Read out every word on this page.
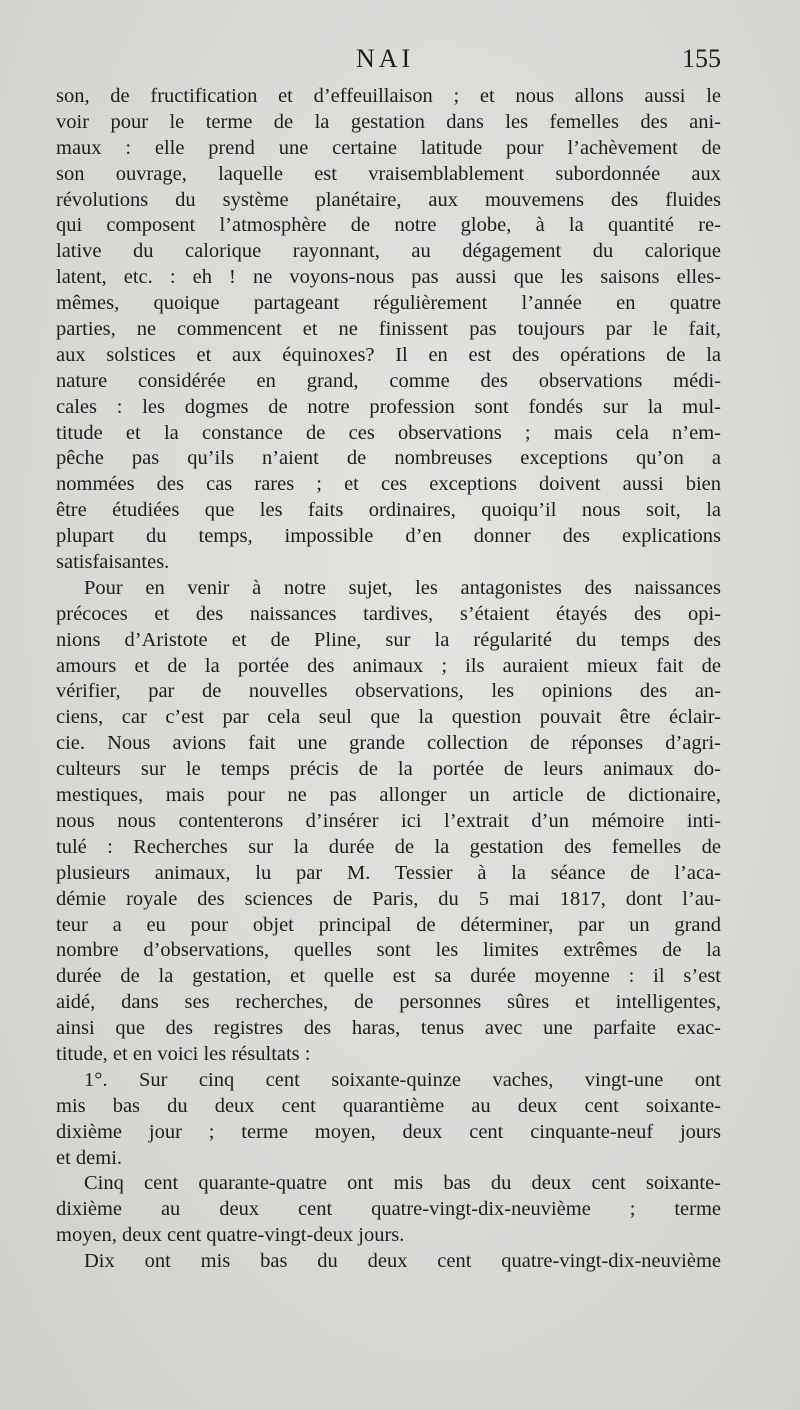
NAI	155
son, de fructification et d’effeuillaison ; et nous allons aussi le
voir pour le terme de la gestation dans les femelles des ani-
maux : elle prend une certaine latitude pour l’achèvement de
son ouvrage, laquelle est vraisemblablement subordonnée aux
révolutions du système planétaire, aux mouvemens des fluides
qui composent l’atmosphère de notre globe, à la quantité re-
lative du calorique rayonnant, au dégagement du calorique
latent, etc. : eh ! ne voyons-nous pas aussi que les saisons elles-
mêmes, quoique partageant régulièrement l’année en quatre
parties, ne commencent et ne finissent pas toujours par le fait,
aux solstices et aux équinoxes? Il en est des opérations de la
nature considérée en grand, comme des observations médi-
cales : les dogmes de notre profession sont fondés sur la mul-
titude et la constance de ces observations ; mais cela n’em-
pêche pas qu’ils n’aient de nombreuses exceptions qu’on a
nommées des cas rares ; et ces exceptions doivent aussi bien
être étudiées que les faits ordinaires, quoiqu’il nous soit, la
plupart du temps, impossible d’en donner des explications
satisfaisantes.
Pour en venir à notre sujet, les antagonistes des naissances
précoces et des naissances tardives, s’étaient étayés des opi-
nions d’Aristote et de Pline, sur la régularité du temps des
amours et de la portée des animaux ; ils auraient mieux fait de
vérifier, par de nouvelles observations, les opinions des an-
ciens, car c’est par cela seul que la question pouvait être éclair-
cie. Nous avions fait une grande collection de réponses d’agri-
culteurs sur le temps précis de la portée de leurs animaux do-
mestiques, mais pour ne pas allonger un article de dictionaire,
nous nous contenterons d’insérer ici l’extrait d’un mémoire inti-
tulé : Recherches sur la durée de la gestation des femelles de
plusieurs animaux, lu par M. Tessier à la séance de l’aca-
démie royale des sciences de Paris, du 5 mai 1817, dont l’au-
teur a eu pour objet principal de déterminer, par un grand
nombre d’observations, quelles sont les limites extrêmes de la
durée de la gestation, et quelle est sa durée moyenne : il s’est
aidé, dans ses recherches, de personnes sûres et intelligentes,
ainsi que des registres des haras, tenus avec une parfaite exac-
titude, et en voici les résultats :
1°. Sur cinq cent soixante-quinze vaches, vingt-une ont
mis bas du deux cent quarantième au deux cent soixante-
dixième jour ; terme moyen, deux cent cinquante-neuf jours
et demi.
Cinq cent quarante-quatre ont mis bas du deux cent soixante-
dixième au deux cent quatre-vingt-dix-neuvième ; terme
moyen, deux cent quatre-vingt-deux jours.
Dix ont mis bas du deux cent quatre-vingt-dix-neuvième
